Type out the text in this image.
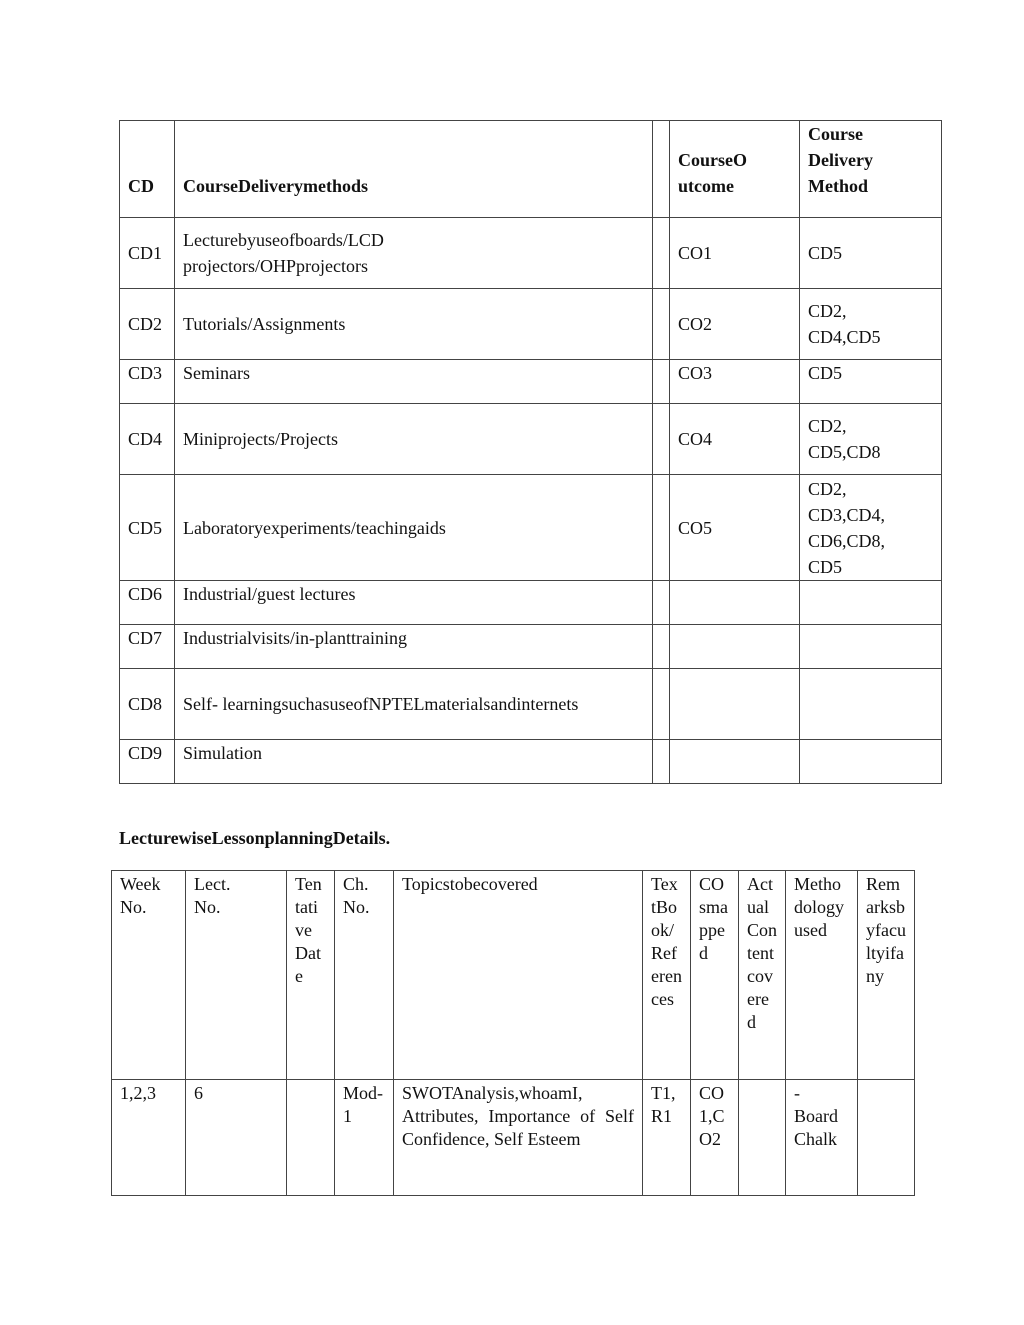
CD	CourseDeliverymethods		CourseO utcome	Course Delivery Method

CD1	Lecturebyuseofboards/LCD projectors/OHPprojectors		CO1	CD5
CD2	Tutorials/Assignments		CO2	CD2, CD4,CD5

CD3	Seminars		CO3	CD5
CD4	Miniprojects/Projects		CO4	CD2, CD5,CD8

CD5	Laboratoryexperiments/teachingaids		CO5	CD2, CD3,CD4, CD6,CD8, CD5

CD6	Industrial/guest lectures			
CD7	Industrialvisits/in-planttraining			
CD8	Self- learningsuchasuseofNPTELmaterialsandinternets			

CD9	Simulation			
LecturewiseLessonplanningDetails.
Week No.	Lect. No.	Tentative Date	Ch. No.	Topicstobecovered	TextBook/References	COsmapped	ActualContentcovered	Methodology used	Remarksbyfacultyifany
1,2,3	6		Mod-1	SWOTAnalysis,whoamI, Attributes, Importance of Self Confidence, Self Esteem	T1, R1	CO1,CO2		- Board Chalk	
